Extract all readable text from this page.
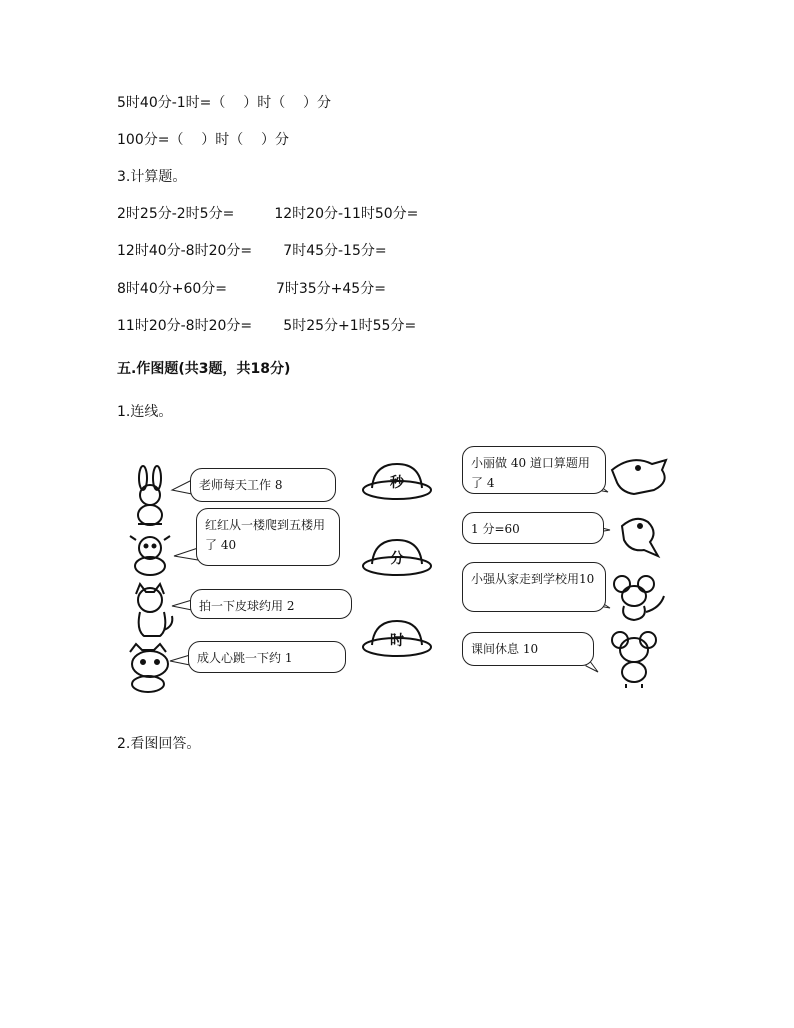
5时40分-1时=（    ）时（    ）分
100分=（    ）时（    ）分
3.计算题。
2时25分-2时5分=         12时20分-11时50分=
12时40分-8时20分=       7时45分-15分=
8时40分+60分=           7时35分+45分=
11时20分-8时20分=       5时25分+1时55分=
五.作图题(共3题，共18分)
1.连线。
2.看图回答。
秒
分
时
老师每天工作 8
红红从一楼爬到五楼用了 40
拍一下皮球约用 2
成人心跳一下约 1
小丽做 40 道口算题用了 4
1 分=60
小强从家走到学校用10
课间休息 10
